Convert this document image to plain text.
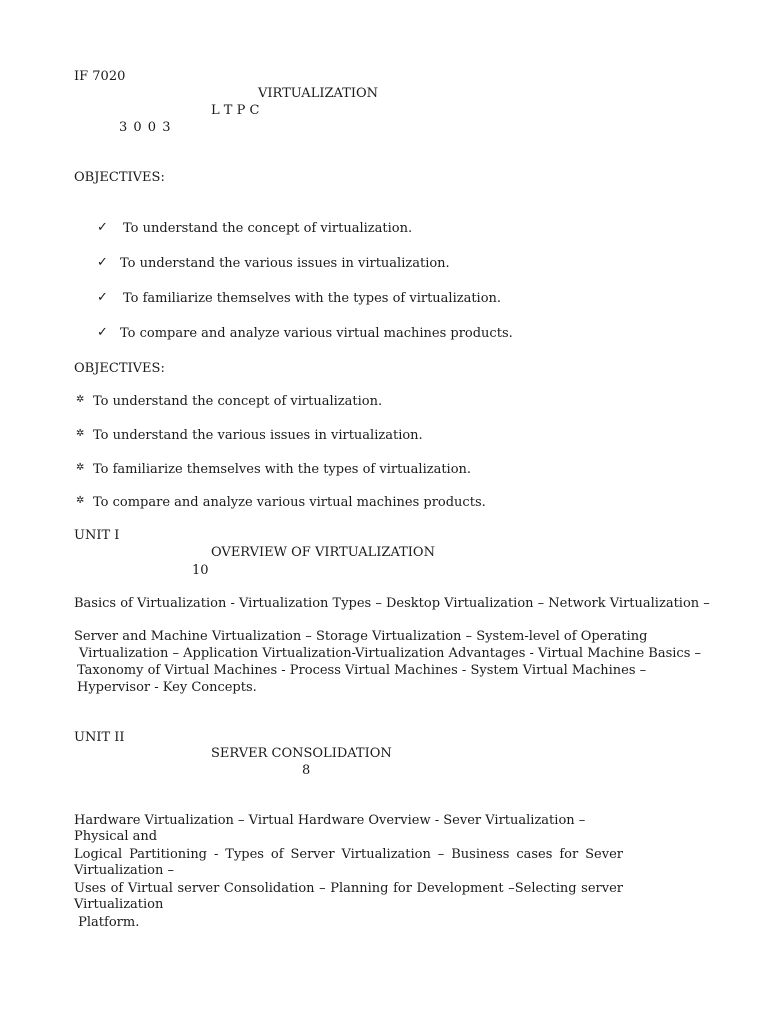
IF 7020
VIRTUALIZATION
L T P C
3 0 0 3
OBJECTIVES:
✓ To understand the concept of virtualization.
✓ To understand the various issues in virtualization.
✓ To familiarize themselves with the types of virtualization.
✓ To compare and analyze various virtual machines products.
OBJECTIVES:
✲ To understand the concept of virtualization.
✲ To understand the various issues in virtualization.
✲ To familiarize themselves with the types of virtualization.
✲ To compare and analyze various virtual machines products.
UNIT I
OVERVIEW OF VIRTUALIZATION
10
Basics of Virtualization - Virtualization Types – Desktop Virtualization – Network Virtualization –
Server and Machine Virtualization – Storage Virtualization – System-level of Operating
Virtualization – Application Virtualization-Virtualization Advantages - Virtual Machine Basics –
Taxonomy of Virtual Machines - Process Virtual Machines - System Virtual Machines –
Hypervisor - Key Concepts.
UNIT II
SERVER CONSOLIDATION
8
Hardware Virtualization – Virtual Hardware Overview - Sever Virtualization – Physical and
Logical Partitioning - Types of Server Virtualization – Business cases for Sever Virtualization –
Uses of Virtual server Consolidation – Planning for Development –Selecting server Virtualization
Platform.
